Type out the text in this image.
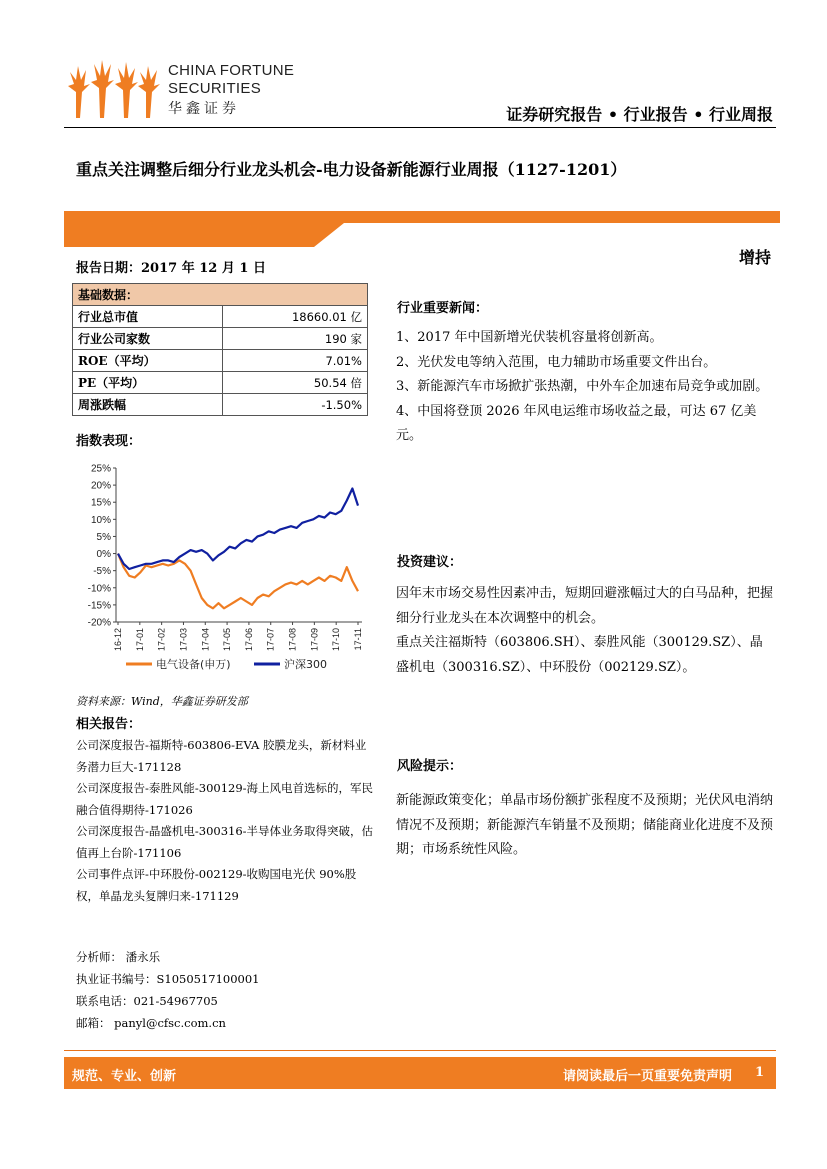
CHINA FORTUNE
SECURITIES
华鑫证券	证券研究报告 • 行业报告 • 行业周报
重点关注调整后细分行业龙头机会-电力设备新能源行业周报（1127-1201）
报告日期：2017 年 12 月 1 日
增持
基础数据：	
行业总市值	18660.01 亿
行业公司家数	190 家
ROE（平均）	7.01%
PE（平均）	50.54 倍
周涨跌幅	-1.50%
指数表现：
25%
20%
15%
10%
5%
0%
-5%
-10%
-15%
-20%
16-12 17-01 17-02 17-03 17-04 17-05 17-06 17-07 17-08 17-09 17-10 17-11
电气设备(申万)	沪深300
资料来源：Wind，华鑫证券研发部
相关报告：
公司深度报告-福斯特-603806-EVA 胶膜龙头，新材料业务潜力巨大-171128
公司深度报告-泰胜风能-300129-海上风电首选标的，军民融合值得期待-171026
公司深度报告-晶盛机电-300316-半导体业务取得突破，估值再上台阶-171106
公司事件点评-中环股份-002129-收购国电光伏 90%股权，单晶龙头复牌归来-171129
分析师： 潘永乐
执业证书编号：S1050517100001
联系电话：021-54967705
邮箱： panyl@cfsc.com.cn
行业重要新闻：

1、2017 年中国新增光伏装机容量将创新高。

2、光伏发电等纳入范围，电力辅助市场重要文件出台。

3、新能源汽车市场掀扩张热潮，中外车企加速布局竞争或加剧。

4、中国将登顶 2026 年风电运维市场收益之最，可达 67 亿美元。

投资建议：

因年末市场交易性因素冲击，短期回避涨幅过大的白马品种，把握细分行业龙头在本次调整中的机会。

重点关注福斯特（603806.SH）、泰胜风能（300129.SZ）、晶盛机电（300316.SZ）、中环股份（002129.SZ）。

风险提示：
新能源政策变化；单晶市场份额扩张程度不及预期；光伏风电消纳情况不及预期；新能源汽车销量不及预期；储能商业化进度不及预期；市场系统性风险。
规范、专业、创新	请阅读最后一页重要免责声明 1
